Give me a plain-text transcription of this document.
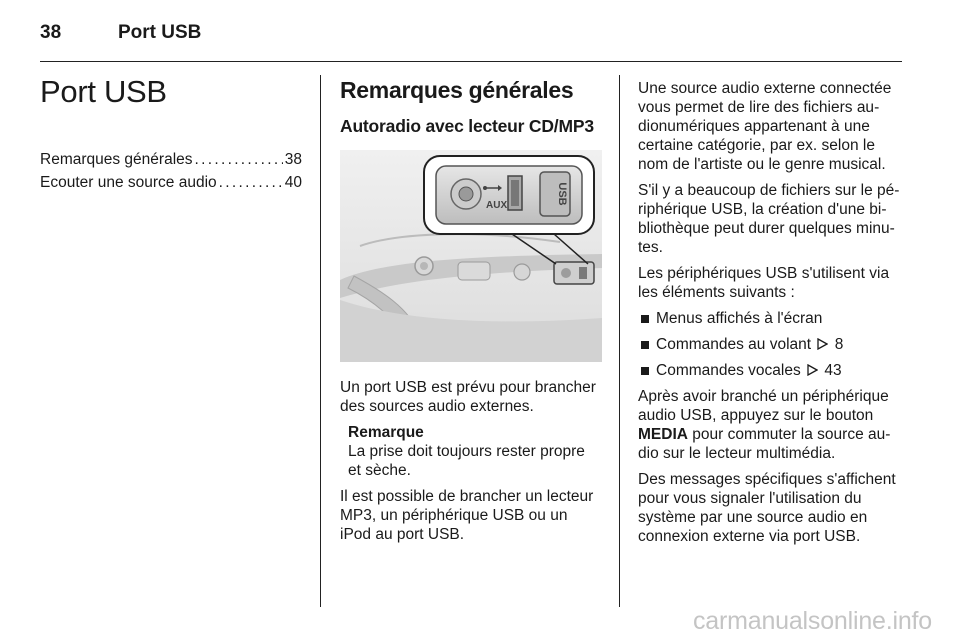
38	Port USB
Port USB
Remarques générales . . .	38
Ecouter une source audio . . .	40
Remarques générales
Autoradio avec lecteur CD/MP3
AUX	USB

Un port USB est prévu pour brancher des sources audio externes.

Remarque
La prise doit toujours rester propre et sèche.

Il est possible de brancher un lecteur MP3, un périphérique USB ou un iPod au port USB.

Une source audio externe connectée vous permet de lire des fichiers audionumériques appartenant à une certaine catégorie, par ex. selon le nom de l'artiste ou le genre musical.

S'il y a beaucoup de fichiers sur le périphérique USB, la création d'une bibliothèque peut durer quelques minutes.

Les périphériques USB s'utilisent via les éléments suivants :

Menus affichés à l'écran
Commandes au volant 8
Commandes vocales 43

Après avoir branché un périphérique audio USB, appuyez sur le bouton MEDIA pour commuter la source audio sur le lecteur multimédia.

Des messages spécifiques s'affichent pour vous signaler l'utilisation du système par une source audio en connexion externe via port USB.

carmanualsonline.info
